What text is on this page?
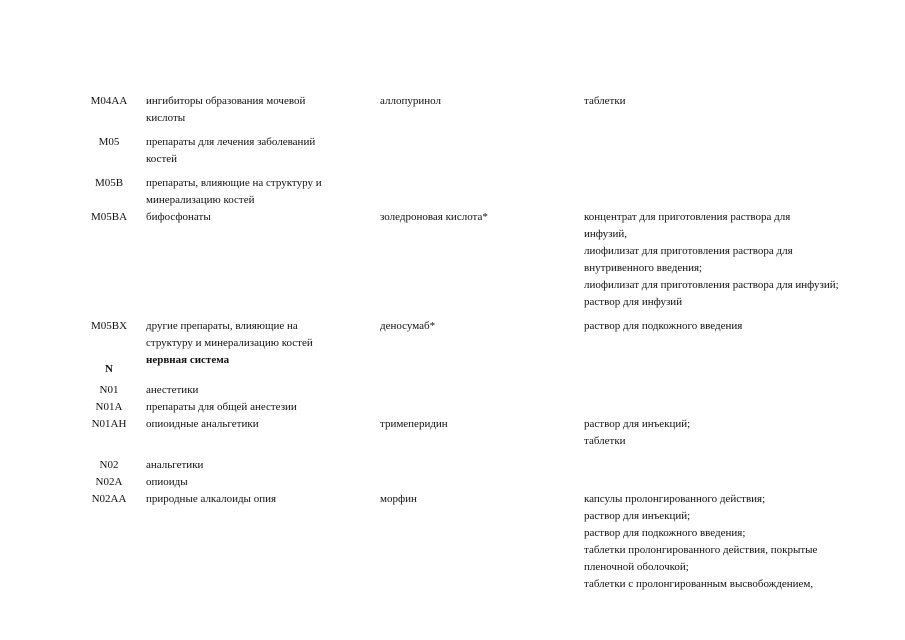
M04AA	ингибиторы образования мочевой кислоты	аллопуринол	таблетки

M05	препараты для лечения заболеваний костей		

M05B	препараты, влияющие на структуру и минерализацию костей		

M05BA	бифосфонаты	золедроновая кислота*	концентрат для приготовления раствора для инфузий,
лиофилизат для приготовления раствора для внутривенного введения;
лиофилизат для приготовления раствора для инфузий;
раствор для инфузий

M05BX	другие препараты, влияющие на структуру и минерализацию костей	деносумаб*	раствор для подкожного введения

N	нервная система		

N01	анестетики		
N01A	препараты для общей анестезии		
N01AH	опиоидные анальгетики	тримеперидин	раствор для инъекций;
таблетки

N02	анальгетики		
N02A	опиоиды		
N02AA	природные алкалоиды опия	морфин	капсулы пролонгированного действия;
раствор для инъекций;
раствор для подкожного введения;
таблетки пролонгированного действия, покрытые пленочной оболочкой;
таблетки с пролонгированным высвобождением,
